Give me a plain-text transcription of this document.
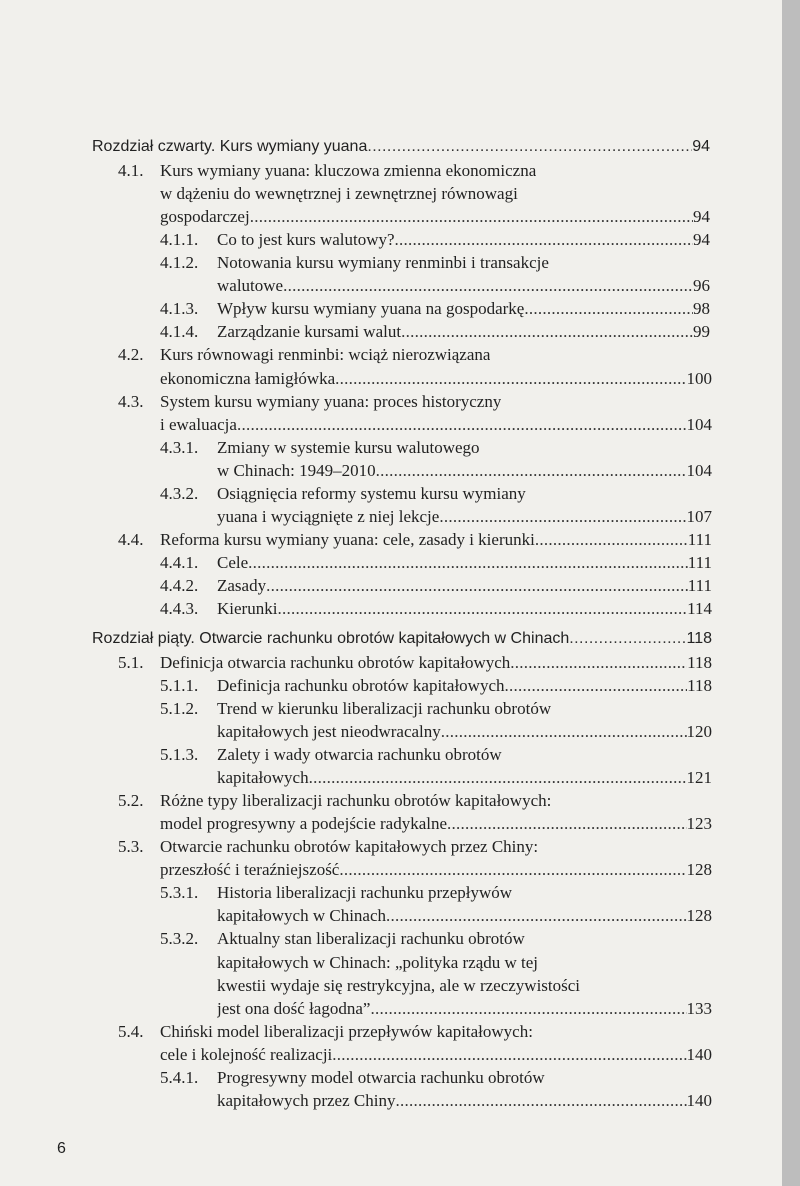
Rozdział czwarty. Kurs wymiany yuana . . .	94
4.1. Kurs wymiany yuana: kluczowa zmienna ekonomiczna
w dążeniu do wewnętrznej i zewnętrznej równowagi
gospodarczej . . .	94
4.1.1.	Co to jest kurs walutowy? . . .	94
4.1.2.	Notowania kursu wymiany renminbi i transakcje
walutowe . . .	96
4.1.3.	Wpływ kursu wymiany yuana na gospodarkę . . .	98
4.1.4.	Zarządzanie kursami walut . . .	99
4.2. Kurs równowagi renminbi: wciąż nierozwiązana
ekonomiczna łamigłówka . . .	100
4.3. System kursu wymiany yuana: proces historyczny
i ewaluacja . . .	104
4.3.1.	Zmiany w systemie kursu walutowego
w Chinach: 1949–2010 . . .	104
4.3.2.	Osiągnięcia reformy systemu kursu wymiany
yuana i wyciągnięte z niej lekcje . . .	107
4.4. Reforma kursu wymiany yuana: cele, zasady i kierunki . . .	111
4.4.1.	Cele . . .	111
4.4.2.	Zasady . . .	111
4.4.3.	Kierunki . . .	114
Rozdział piąty. Otwarcie rachunku obrotów kapitałowych w Chinach . . .	118
5.1. Definicja otwarcia rachunku obrotów kapitałowych . . .	118
5.1.1.	Definicja rachunku obrotów kapitałowych . . .	118
5.1.2.	Trend w kierunku liberalizacji rachunku obrotów
kapitałowych jest nieodwracalny . . .	120
5.1.3.	Zalety i wady otwarcia rachunku obrotów
kapitałowych . . .	121
5.2. Różne typy liberalizacji rachunku obrotów kapitałowych:
model progresywny a podejście radykalne . . .	123
5.3. Otwarcie rachunku obrotów kapitałowych przez Chiny:
przeszłość i teraźniejszość . . .	128
5.3.1.	Historia liberalizacji rachunku przepływów
kapitałowych w Chinach . . .	128
5.3.2.	Aktualny stan liberalizacji rachunku obrotów
kapitałowych w Chinach: „polityka rządu w tej
kwestii wydaje się restrykcyjna, ale w rzeczywistości
jest ona dość łagodna” . . .	133
5.4. Chiński model liberalizacji przepływów kapitałowych:
cele i kolejność realizacji . . .	140
5.4.1.	Progresywny model otwarcia rachunku obrotów
kapitałowych przez Chiny . . .	140
6
